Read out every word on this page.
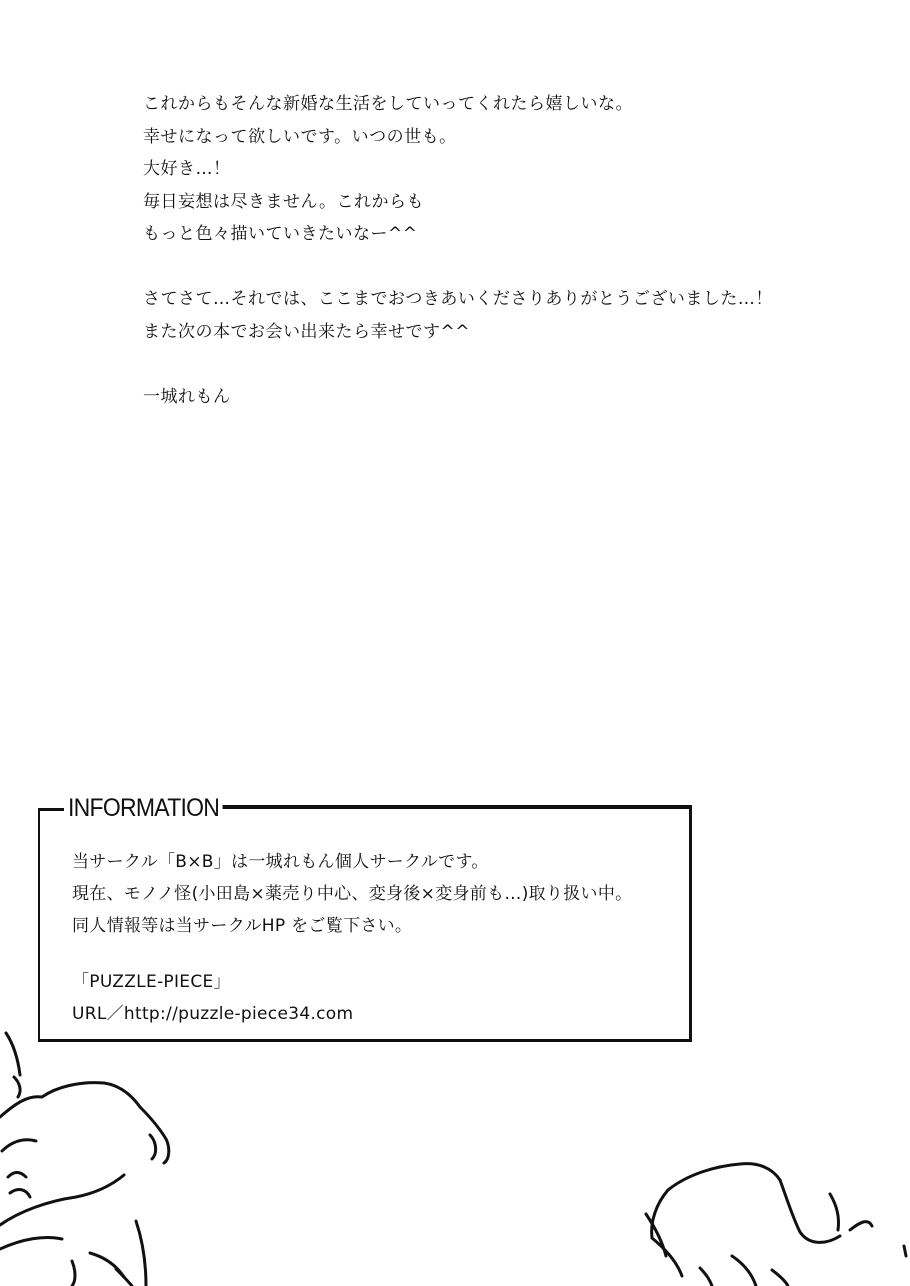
これからもそんな新婚な生活をしていってくれたら嬉しいな。
幸せになって欲しいです。いつの世も。
大好き…！
毎日妄想は尽きません。これからも
もっと色々描いていきたいなー^^
さてさて…それでは、ここまでおつきあいくださりありがとうございました…！
また次の本でお会い出来たら幸せです^^
一城れもん
INFORMATION
当サークル「B×B」は一城れもん個人サークルです。
現在、モノノ怪(小田島×薬売り中心、変身後×変身前も…)取り扱い中。
同人情報等は当サークルHP をご覧下さい。
「PUZZLE-PIECE」
URL／http://puzzle-piece34.com
